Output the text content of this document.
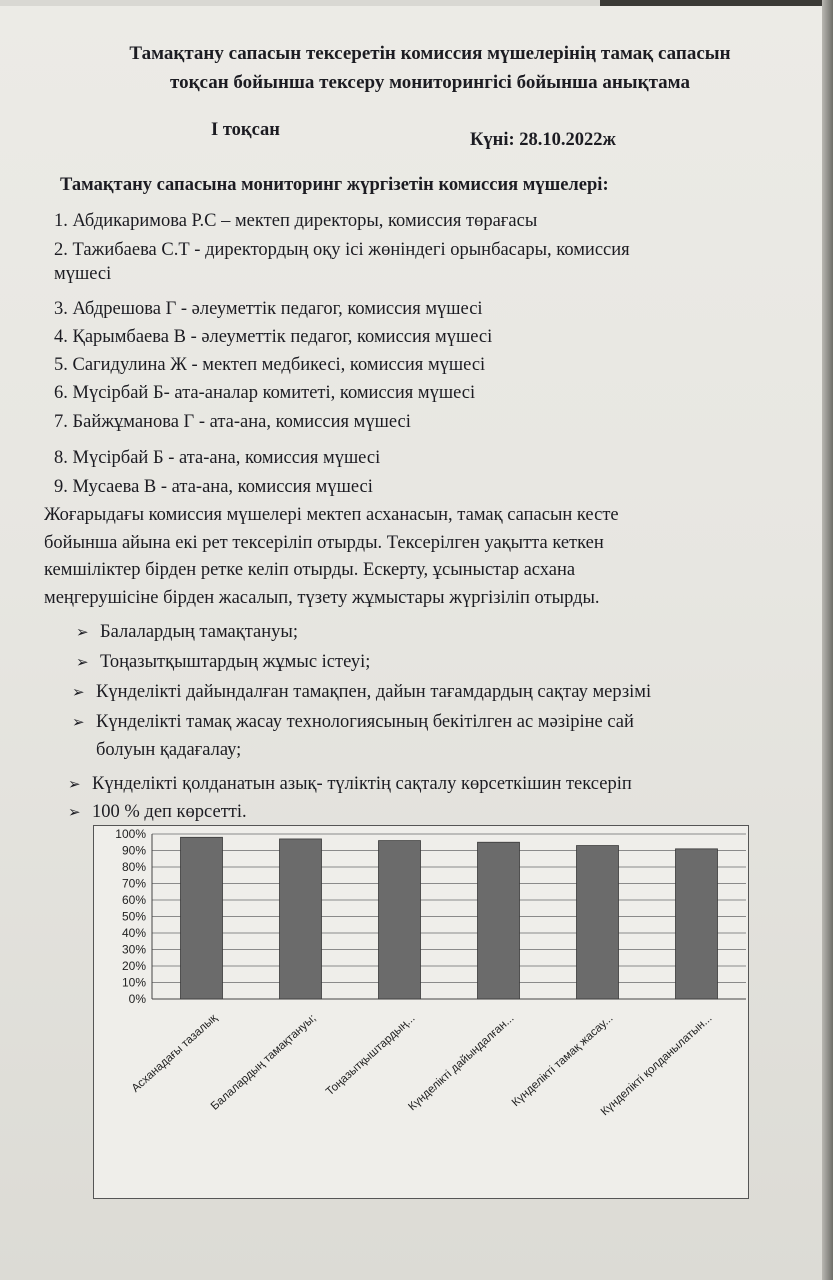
Тамақтану сапасын тексеретін комиссия мүшелерінің тамақ сапасын
тоқсан бойынша тексеру мониторингісі бойынша анықтама
І тоқсан	Күні: 28.10.2022ж
Тамақтану сапасына мониторинг жүргізетін комиссия мүшелері:
1. Абдикаримова Р.С – мектеп директоры, комиссия төрағасы
2. Тажибаева С.Т - директордың оқу ісі жөніндегі орынбасары, комиссия
мүшесі
3. Абдрешова Г - әлеуметтік педагог, комиссия мүшесі
4. Қарымбаева В - әлеуметтік педагог, комиссия мүшесі
5. Сагидулина Ж - мектеп медбикесі, комиссия мүшесі
6. Мүсірбай Б- ата-аналар комитеті, комиссия мүшесі
7. Байжұманова Г - ата-ана, комиссия мүшесі
8. Мүсірбай Б - ата-ана, комиссия мүшесі
9. Мусаева В - ата-ана, комиссия мүшесі
Жоғарыдағы комиссия мүшелері мектеп асханасын, тамақ сапасын кесте
бойынша айына екі рет тексеріліп отырды. Тексерілген уақытта кеткен
кемшіліктер бірден ретке келіп отырды. Ескерту, ұсыныстар асхана
меңгерушісіне бірден жасалып, түзету жұмыстары жүргізіліп отырды.
➢ Балалардың тамақтануы;
➢ Тоңазытқыштардың жұмыс істеуі;
➢ Күнделікті дайындалған тамақпен, дайын тағамдардың сақтау мерзімі
➢ Күнделікті тамақ жасау технологиясының бекітілген ас мәзіріне сай
болуын қадағалау;
➢ Күнделікті қолданатын азық- түліктің сақталу көрсеткішин тексеріп
➢ 100 % деп көрсетті.
0%
10%
20%
30%
40%
50%
60%
70%
80%
90%
100%
Асханадағы тазалық
Балалардың тамақтануы; Тоңазытқыштардың...
Күнделікті дайындалған...
Күнделікті тамақ жасау...
Күнделікті қолданылатын...
